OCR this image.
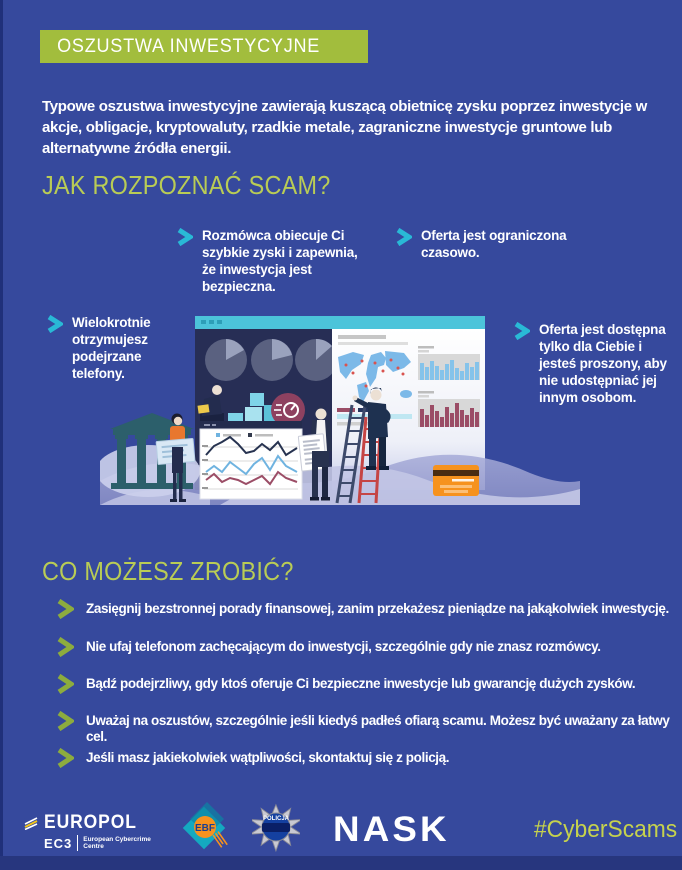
OSZUSTWA INWESTYCYJNE
Typowe oszustwa inwestycyjne zawierają kuszącą obietnicę zysku poprzez inwestycje w akcje, obligacje, kryptowaluty, rzadkie metale, zagraniczne inwestycje gruntowe lub alternatywne źródła energii.
JAK ROZPOZNAĆ SCAM?
Rozmówca obiecuje Ci szybkie zyski i zapewnia, że inwestycja jest bezpieczna.
Oferta jest ograniczona czasowo.
Wielokrotnie otrzymujesz podejrzane telefony.
Oferta jest dostępna tylko dla Ciebie i jesteś proszony, aby nie udostępniać jej innym osobom.
CO MOŻESZ ZROBIĆ?
Zasięgnij bezstronnej porady finansowej, zanim przekażesz pieniądze na jakąkolwiek inwestycję.
Nie ufaj telefonom zachęcającym do inwestycji, szczególnie gdy nie znasz rozmówcy.
Bądź podejrzliwy, gdy ktoś oferuje Ci bezpieczne inwestycje lub gwarancję dużych zysków.
Uważaj na oszustów, szczególnie jeśli kiedyś padłeś ofiarą scamu. Możesz być uważany za łatwy cel.
Jeśli masz jakiekolwiek wątpliwości, skontaktuj się z policją.
EUROPOL
EC3 European Cybercrime
Centre
EBF
POLICJA NASK	#CyberScams
